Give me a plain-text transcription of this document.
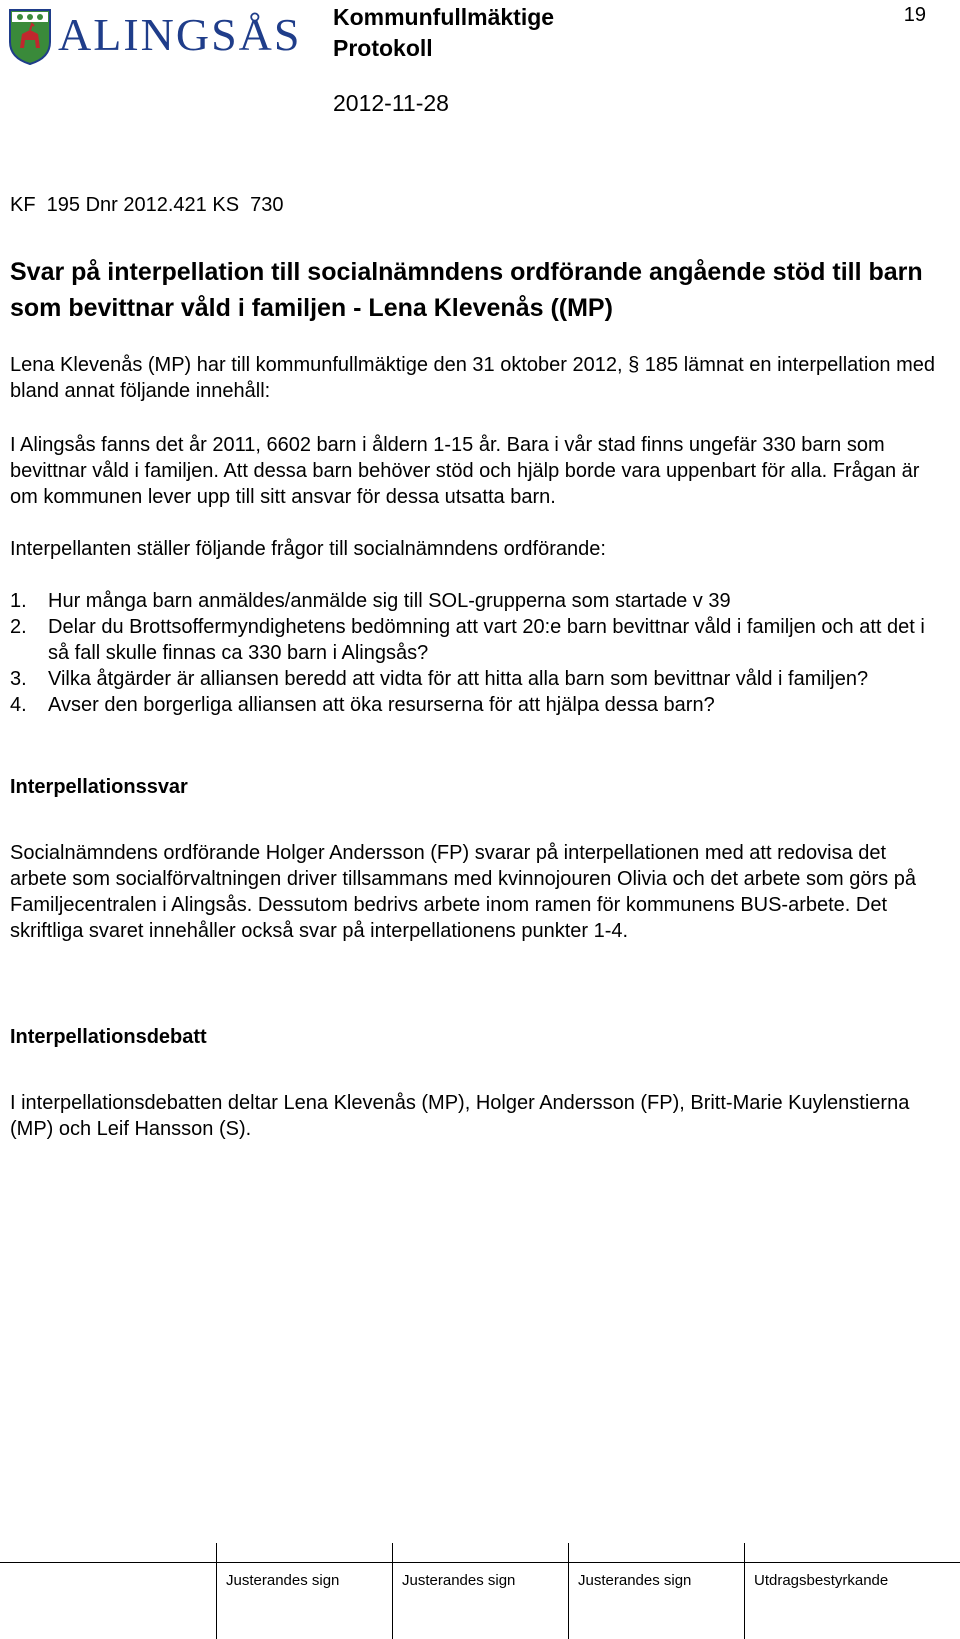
ALINGSÅS Kommunfullmäktige
Protokoll
2012-11-28
19
KF  195 Dnr 2012.421 KS  730
Svar på interpellation till socialnämndens ordförande angående stöd till barn som bevittnar våld i familjen - Lena Klevenås ((MP)
Lena Klevenås (MP) har till kommunfullmäktige den 31 oktober 2012, § 185 lämnat en interpellation med bland annat följande innehåll:
I Alingsås fanns det år 2011, 6602 barn i åldern 1-15 år. Bara i vår stad finns ungefär 330 barn som bevittnar våld i familjen. Att dessa barn behöver stöd och hjälp borde vara uppenbart för alla. Frågan är om kommunen lever upp till sitt ansvar för dessa utsatta barn.
Interpellanten ställer följande frågor till socialnämndens ordförande:
1. Hur många barn anmäldes/anmälde sig till SOL-grupperna som startade v 39
2. Delar du Brottsoffermyndighetens bedömning att vart 20:e barn bevittnar våld i familjen och att det i så fall skulle finnas ca 330 barn i Alingsås?
3. Vilka åtgärder är alliansen beredd att vidta för att hitta alla barn som bevittnar våld i familjen?
4. Avser den borgerliga alliansen att öka resurserna för att hjälpa dessa barn?
Interpellationssvar
Socialnämndens ordförande Holger Andersson (FP) svarar på interpellationen med att redovisa det arbete som socialförvaltningen driver tillsammans med kvinnojouren Olivia och det arbete som görs på Familjecentralen i Alingsås. Dessutom bedrivs arbete inom ramen för kommunens BUS-arbete. Det skriftliga svaret innehåller också svar på interpellationens punkter 1-4.
Interpellationsdebatt
I interpellationsdebatten deltar Lena Klevenås (MP), Holger Andersson (FP), Britt-Marie Kuylenstierna (MP) och Leif Hansson (S).
Justerandes sign	Justerandes sign	Justerandes sign	Utdragsbestyrkande
